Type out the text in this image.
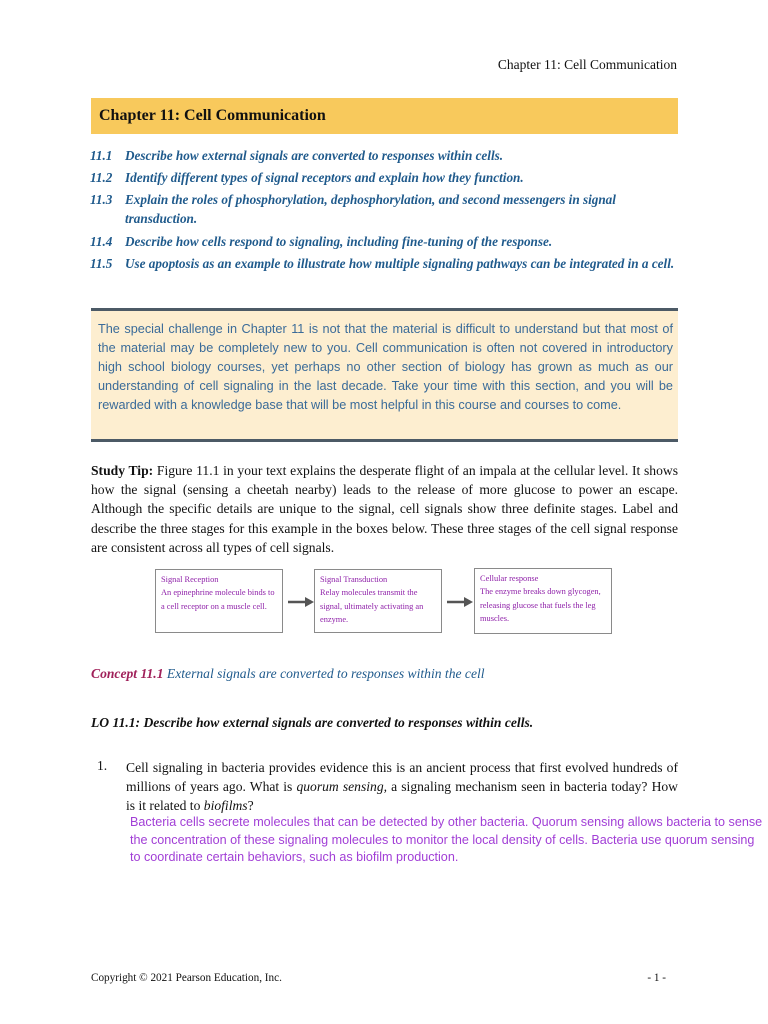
Chapter 11: Cell Communication
Chapter 11: Cell Communication
11.1 Describe how external signals are converted to responses within cells.
11.2 Identify different types of signal receptors and explain how they function.
11.3 Explain the roles of phosphorylation, dephosphorylation, and second messengers in signal transduction.
11.4 Describe how cells respond to signaling, including fine-tuning of the response.
11.5 Use apoptosis as an example to illustrate how multiple signaling pathways can be integrated in a cell.

The special challenge in Chapter 11 is not that the material is difficult to understand but that most of the material may be completely new to you. Cell communication is often not covered in introductory high school biology courses, yet perhaps no other section of biology has grown as much as our understanding of cell signaling in the last decade. Take your time with this section, and you will be rewarded with a knowledge base that will be most helpful in this course and courses to come.

Study Tip: Figure 11.1 in your text explains the desperate flight of an impala at the cellular level. It shows how the signal (sensing a cheetah nearby) leads to the release of more glucose to power an escape. Although the specific details are unique to the signal, cell signals show three definite stages. Label and describe the three stages for this example in the boxes below. These three stages of the cell signal response are consistent across all types of cell signals.

Signal Reception
An epinephrine molecule binds to a cell receptor on a muscle cell.
Signal Transduction
Relay molecules transmit the signal, ultimately activating an enzyme.
Cellular response
The enzyme breaks down glycogen, releasing glucose that fuels the leg muscles.
Concept 11.1 External signals are converted to responses within the cell
LO 11.1: Describe how external signals are converted to responses within cells.
1. Cell signaling in bacteria provides evidence this is an ancient process that first evolved hundreds of millions of years ago. What is quorum sensing, a signaling mechanism seen in bacteria today? How is it related to biofilms?

Bacteria cells secrete molecules that can be detected by other bacteria. Quorum sensing allows bacteria to sense the concentration of these signaling molecules to monitor the local density of cells. Bacteria use quorum sensing to coordinate certain behaviors, such as biofilm production.

Copyright © 2021 Pearson Education, Inc.	- 1 -
